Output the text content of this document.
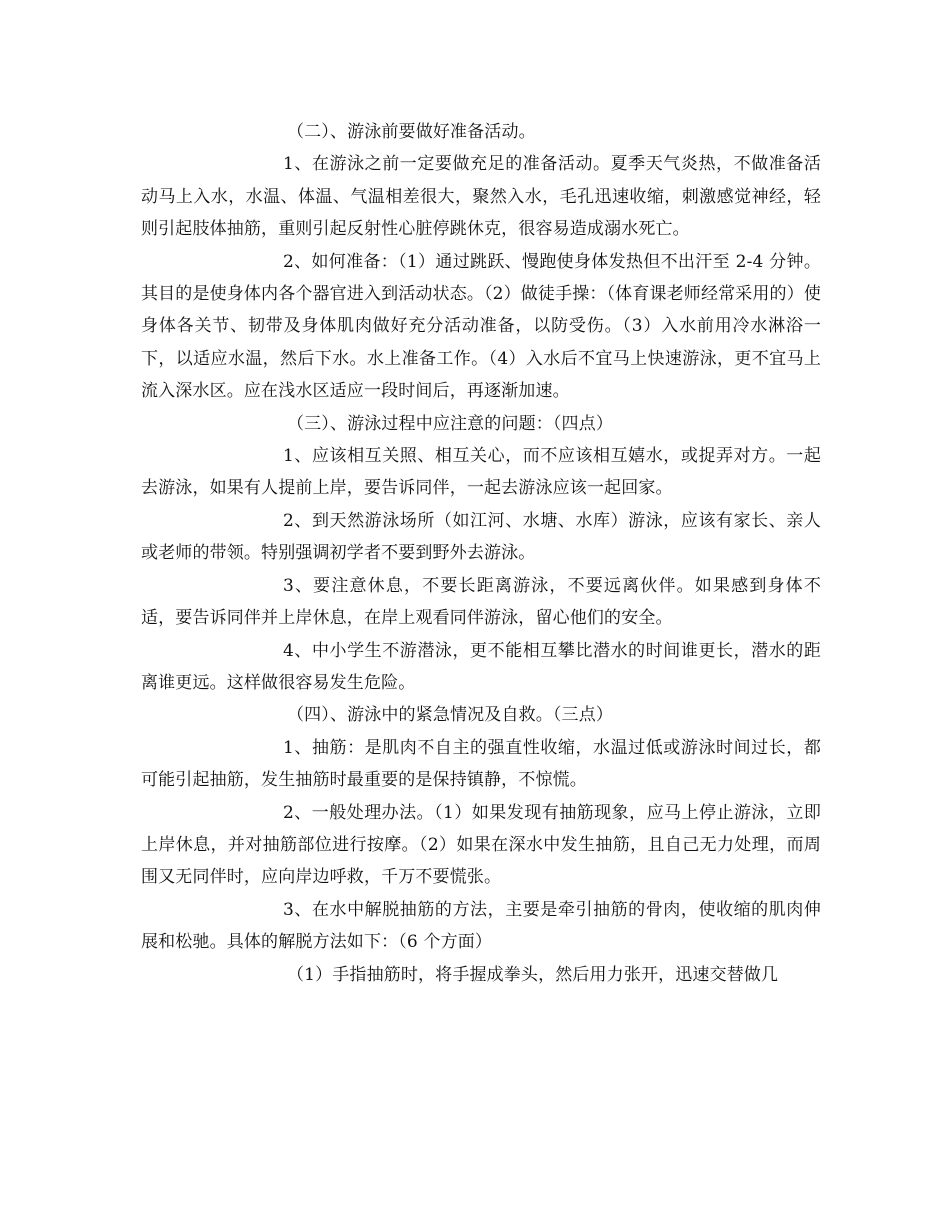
（二）、游泳前要做好准备活动。

1、在游泳之前一定要做充足的准备活动。夏季天气炎热，不做准备活动马上入水，水温、体温、气温相差很大，聚然入水，毛孔迅速收缩，刺激感觉神经，轻则引起肢体抽筋，重则引起反射性心脏停跳休克，很容易造成溺水死亡。

2、如何准备：（1）通过跳跃、慢跑使身体发热但不出汗至 2-4 分钟。其目的是使身体内各个器官进入到活动状态。（2）做徒手操：（体育课老师经常采用的）使身体各关节、韧带及身体肌肉做好充分活动准备，以防受伤。（3）入水前用冷水淋浴一下，以适应水温，然后下水。水上准备工作。（4）入水后不宜马上快速游泳，更不宜马上流入深水区。应在浅水区适应一段时间后，再逐渐加速。

（三）、游泳过程中应注意的问题：（四点）

1、应该相互关照、相互关心，而不应该相互嬉水，或捉弄对方。一起去游泳，如果有人提前上岸，要告诉同伴，一起去游泳应该一起回家。

2、到天然游泳场所（如江河、水塘、水库）游泳，应该有家长、亲人或老师的带领。特别强调初学者不要到野外去游泳。

3、要注意休息，不要长距离游泳，不要远离伙伴。如果感到身体不适，要告诉同伴并上岸休息，在岸上观看同伴游泳，留心他们的安全。

4、中小学生不游潜泳，更不能相互攀比潜水的时间谁更长，潜水的距离谁更远。这样做很容易发生危险。

（四）、游泳中的紧急情况及自救。（三点）

1、抽筋：是肌肉不自主的强直性收缩，水温过低或游泳时间过长，都可能引起抽筋，发生抽筋时最重要的是保持镇静，不惊慌。

2、一般处理办法。（1）如果发现有抽筋现象，应马上停止游泳，立即上岸休息，并对抽筋部位进行按摩。（2）如果在深水中发生抽筋，且自己无力处理，而周围又无同伴时，应向岸边呼救，千万不要慌张。

3、在水中解脱抽筋的方法，主要是牵引抽筋的骨肉，使收缩的肌肉伸展和松驰。具体的解脱方法如下：（6 个方面）

（1）手指抽筋时，将手握成拳头，然后用力张开，迅速交替做几
